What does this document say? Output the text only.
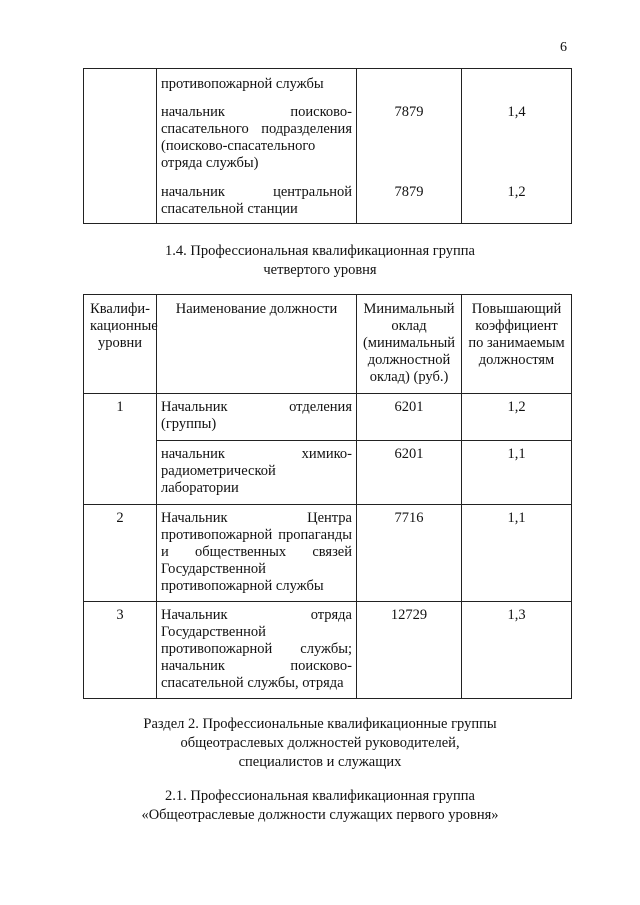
6

	противопожарной службы		

	начальник поисково-спасательного подразделения (поисково-спасательного отряда службы)	7879	1,4

	начальник центральной спасательной станции	7879	1,2
1.4. Профессиональная квалификационная группа
четвертого уровня
Квалифи-кационные уровни	Наименование должности	Минимальный оклад (минимальный должностной оклад) (руб.)	Повышающий коэффициент по занимаемым должностям

1	Начальник отделения (группы)	6201	1,2

	начальник химико-радиометрической лаборатории	6201	1,1

2	Начальник Центра противопожарной пропаганды и общественных связей Государственной противопожарной службы	7716	1,1

3	Начальник отряда Государственной противопожарной службы; начальник поисково-спасательной службы, отряда	12729	1,3
Раздел 2. Профессиональные квалификационные группы
общеотраслевых должностей руководителей,
специалистов и служащих
2.1. Профессиональная квалификационная группа
«Общеотраслевые должности служащих первого уровня»
